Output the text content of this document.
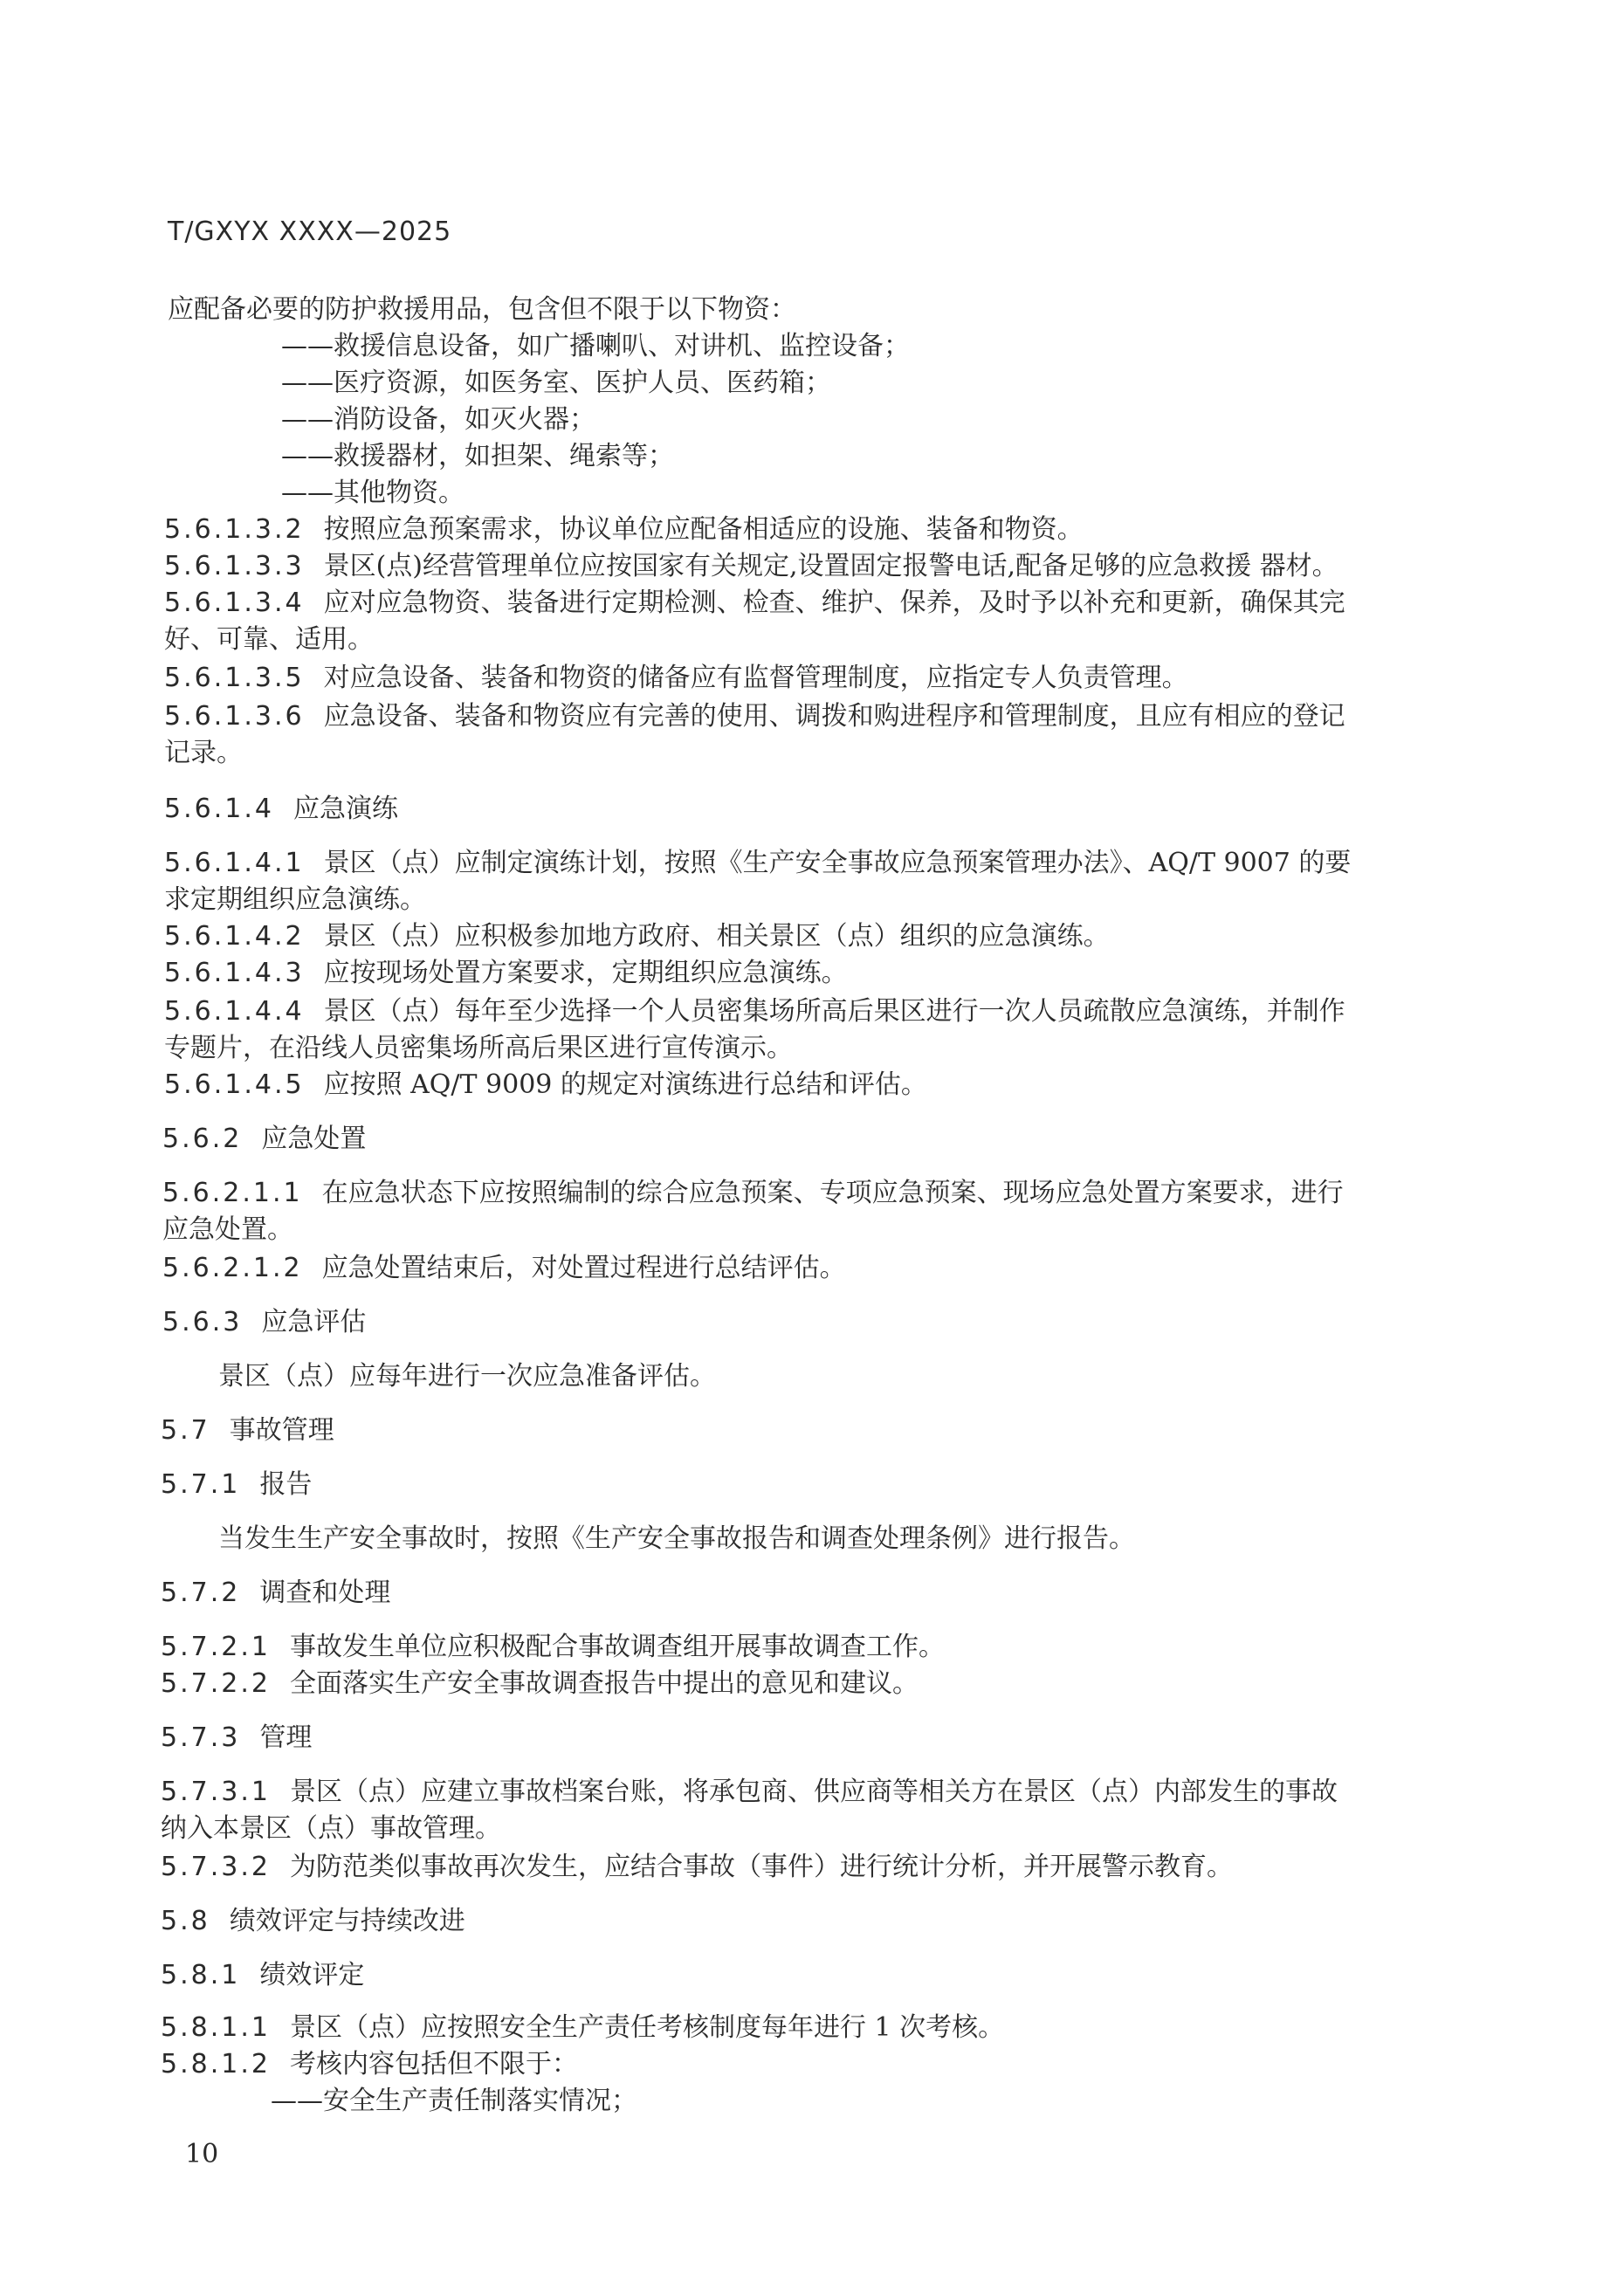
T/GXYX XXXX—2025
应配备必要的防护救援用品，包含但不限于以下物资：
——救援信息设备，如广播喇叭、对讲机、监控设备；
——医疗资源，如医务室、医护人员、医药箱；
——消防设备，如灭火器；
——救援器材，如担架、绳索等；
——其他物资。
5.6.1.3.2 按照应急预案需求，协议单位应配备相适应的设施、装备和物资。
5.6.1.3.3 景区(点)经营管理单位应按国家有关规定,设置固定报警电话,配备足够的应急救援 器材。
5.6.1.3.4 应对应急物资、装备进行定期检测、检查、维护、保养，及时予以补充和更新，确保其完
好、可靠、适用。
5.6.1.3.5 对应急设备、装备和物资的储备应有监督管理制度，应指定专人负责管理。
5.6.1.3.6 应急设备、装备和物资应有完善的使用、调拨和购进程序和管理制度，且应有相应的登记
记录。
5.6.1.4 应急演练
5.6.1.4.1 景区（点）应制定演练计划，按照《生产安全事故应急预案管理办法》、AQ/T 9007 的要
求定期组织应急演练。
5.6.1.4.2 景区（点）应积极参加地方政府、相关景区（点）组织的应急演练。
5.6.1.4.3 应按现场处置方案要求，定期组织应急演练。
5.6.1.4.4 景区（点）每年至少选择一个人员密集场所高后果区进行一次人员疏散应急演练，并制作
专题片，在沿线人员密集场所高后果区进行宣传演示。
5.6.1.4.5 应按照 AQ/T 9009 的规定对演练进行总结和评估。
5.6.2 应急处置
5.6.2.1.1 在应急状态下应按照编制的综合应急预案、专项应急预案、现场应急处置方案要求，进行
应急处置。
5.6.2.1.2 应急处置结束后，对处置过程进行总结评估。
5.6.3 应急评估
景区（点）应每年进行一次应急准备评估。
5.7 事故管理
5.7.1 报告
当发生生产安全事故时，按照《生产安全事故报告和调查处理条例》进行报告。
5.7.2 调查和处理
5.7.2.1 事故发生单位应积极配合事故调查组开展事故调查工作。
5.7.2.2 全面落实生产安全事故调查报告中提出的意见和建议。
5.7.3 管理
5.7.3.1 景区（点）应建立事故档案台账，将承包商、供应商等相关方在景区（点）内部发生的事故
纳入本景区（点）事故管理。
5.7.3.2 为防范类似事故再次发生，应结合事故（事件）进行统计分析，并开展警示教育。
5.8 绩效评定与持续改进
5.8.1 绩效评定
5.8.1.1 景区（点）应按照安全生产责任考核制度每年进行 1 次考核。
5.8.1.2 考核内容包括但不限于：
——安全生产责任制落实情况；
10
